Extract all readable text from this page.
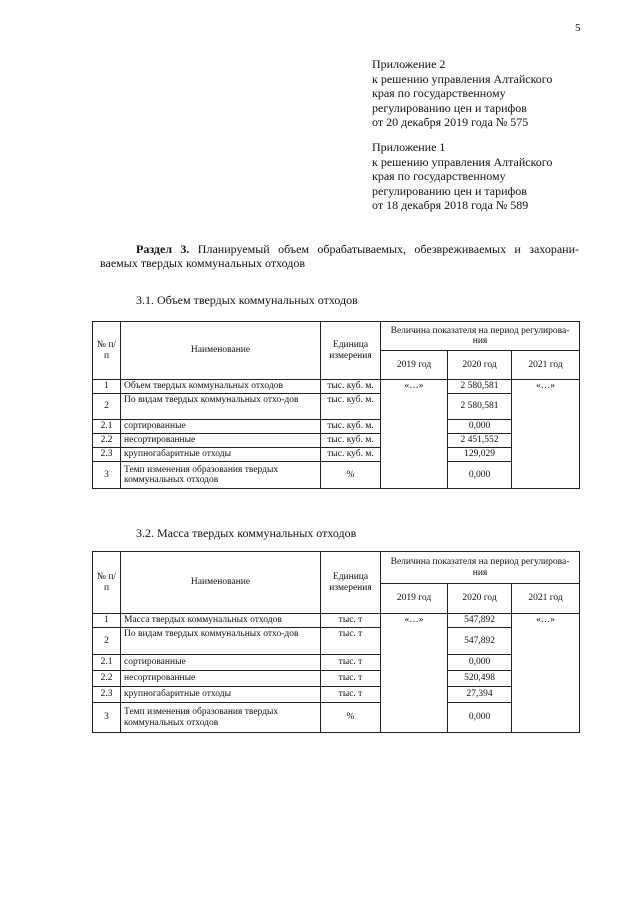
5
Приложение 2
к решению управления Алтайского
края по государственному
регулированию цен и тарифов
от 20 декабря 2019 года № 575
Приложение 1
к решению управления Алтайского
края по государственному
регулированию цен и тарифов
от 18 декабря 2018 года № 589
Раздел 3. Планируемый объем обрабатываемых, обезвреживаемых и захорани-
ваемых твердых коммунальных отходов
3.1. Объем твердых коммунальных отходов
№ п/п	Наименование	Единица измерения	Величина показателя на период регулирова-ния		
			2019 год	2020 год	2021 год
1	Объем твердых коммунальных отходов	тыс. куб. м.	«…»	2 580,581	«…»
2	По видам твердых коммунальных отхо-дов	тыс. куб. м.		2 580,581	
2.1	сортированные	тыс. куб. м.		0,000	
2.2	несортированные	тыс. куб. м.		2 451,552	
2.3	крупногабаритные отходы	тыс. куб. м.		129,029	
3	Темп изменения образования твердых коммунальных отходов	%		0,000	
3.2. Масса твердых коммунальных отходов
№ п/п	Наименование	Единица измерения	Величина показателя на период регулирова-ния		
			2019 год	2020 год	2021 год
1	Масса твердых коммунальных отходов	тыс. т	«…»	547,892	«…»
2	По видам твердых коммунальных отхо-дов	тыс. т		547,892	
2.1	сортированные	тыс. т		0,000	
2.2	несортированные	тыс. т		520,498	
2.3	крупногабаритные отходы	тыс. т		27,394	
3	Темп изменения образования твердых коммунальных отходов	%		0,000	
